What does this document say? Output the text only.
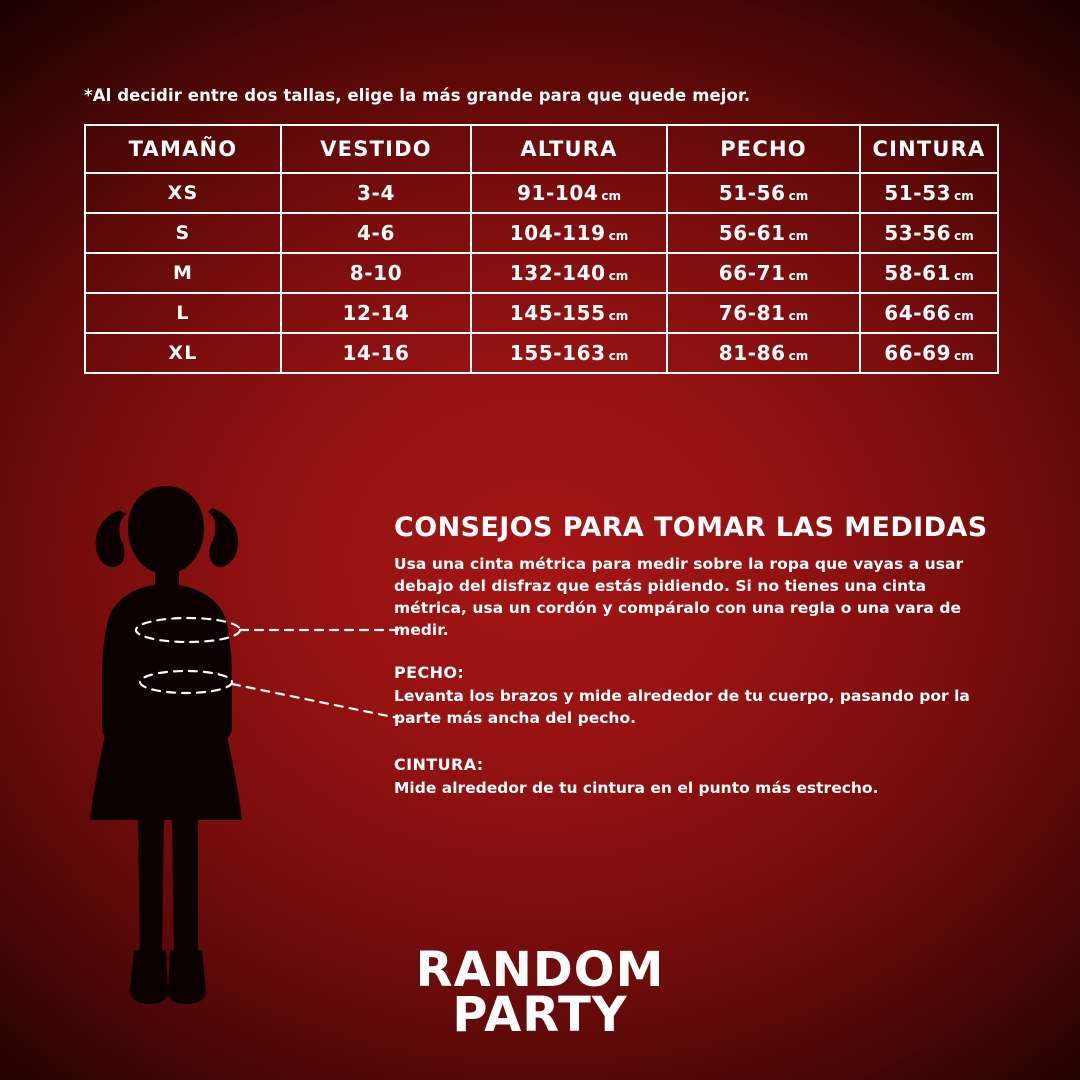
*Al decidir entre dos tallas, elige la más grande para que quede mejor.
TAMAÑO	VESTIDO	ALTURA	PECHO	CINTURA
XS	3-4	91-104 cm	51-56 cm	51-53 cm
S	4-6	104-119 cm	56-61 cm	53-56 cm
M	8-10	132-140 cm	66-71 cm	58-61 cm
L	12-14	145-155 cm	76-81 cm	64-66 cm
XL	14-16	155-163 cm	81-86 cm	66-69 cm
CONSEJOS PARA TOMAR LAS MEDIDAS

Usa una cinta métrica para medir sobre la ropa que vayas a usar debajo del disfraz que estás pidiendo. Si no tienes una cinta métrica, usa un cordón y compáralo con una regla o una vara de medir.

PECHO:
Levanta los brazos y mide alrededor de tu cuerpo, pasando por la parte más ancha del pecho.
CINTURA:
Mide alrededor de tu cintura en el punto más estrecho.
RANDOM
PARTY
